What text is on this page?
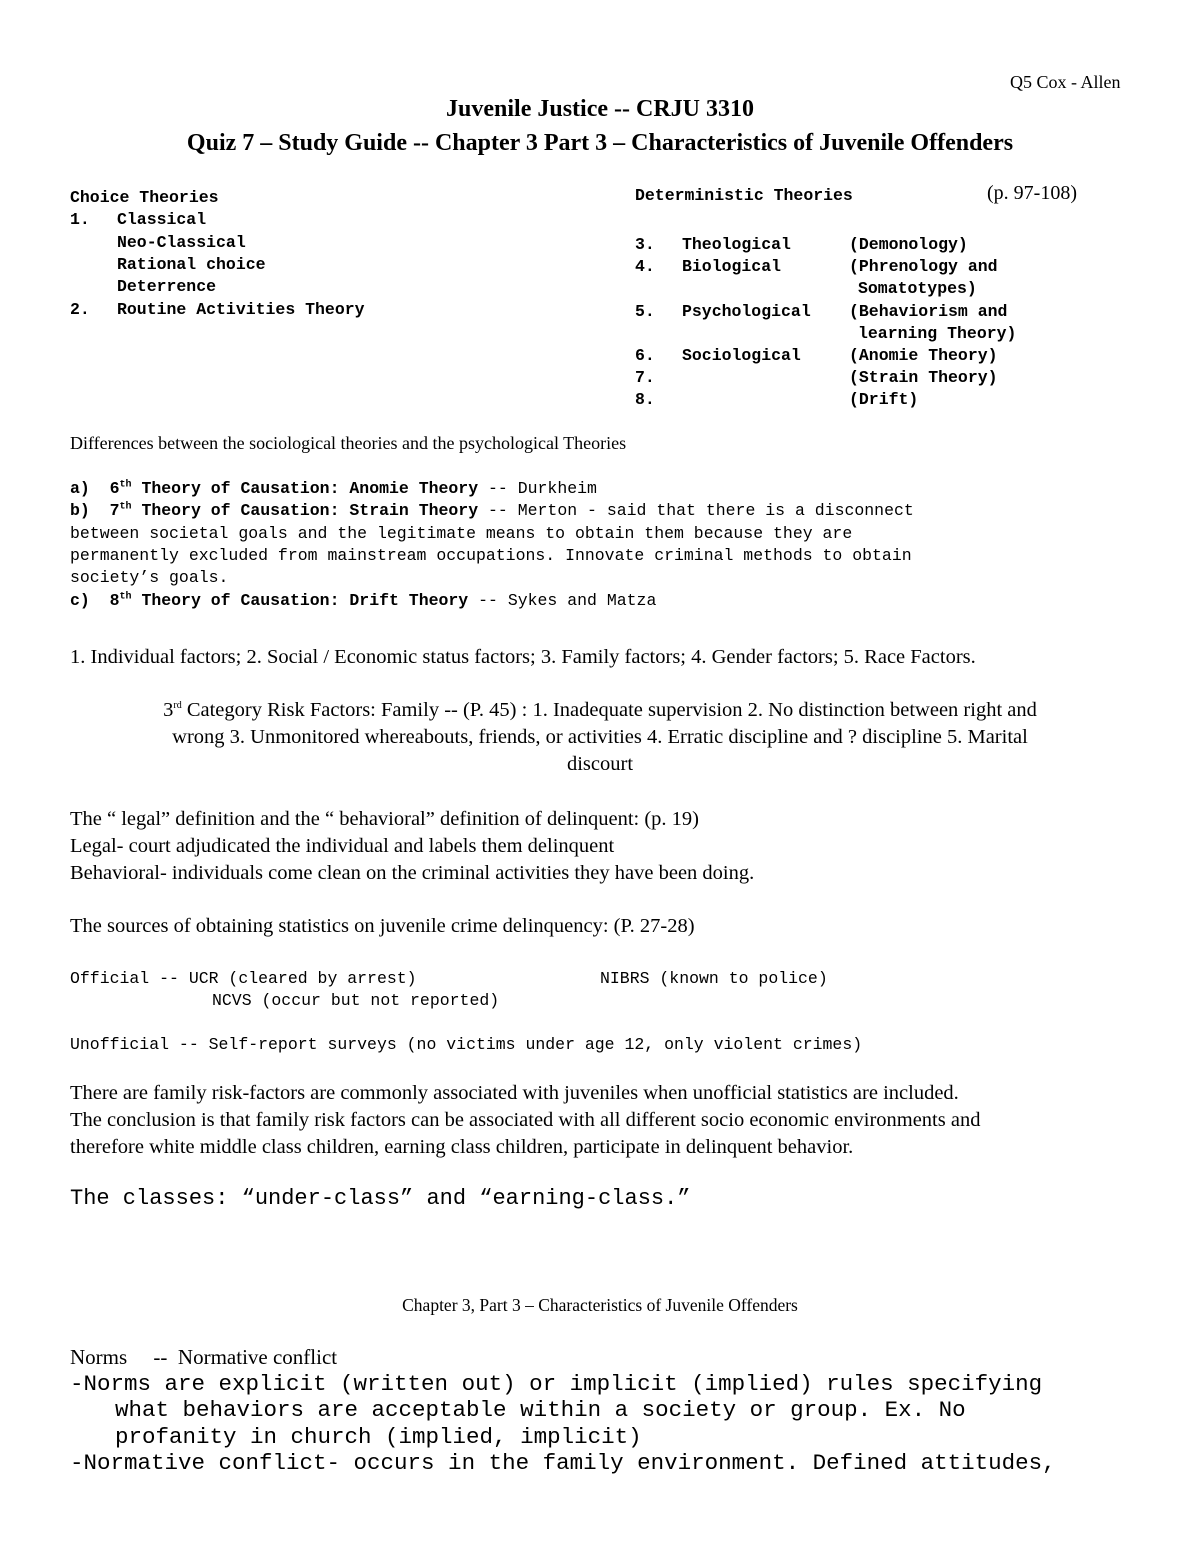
Q5 Cox - Allen
Juvenile Justice -- CRJU 3310
Quiz 7 – Study Guide -- Chapter 3 Part 3 – Characteristics of Juvenile Offenders
Choice Theories
1. Classical
Neo-Classical
Rational choice
Deterrence
2. Routine Activities Theory
Deterministic Theories	(p. 97-108)
3. Theological	(Demonology)
4. Biological	(Phrenology and
Somatotypes)
5. Psychological (Behaviorism and
learning Theory)
6. Sociological	(Anomie Theory)
7.	(Strain Theory)
8.	(Drift)
Differences between the sociological theories and the psychological Theories
a) 6th Theory of Causation: Anomie Theory -- Durkheim
b) 7th Theory of Causation: Strain Theory -- Merton - said that there is a disconnect
between societal goals and the legitimate means to obtain them because they are
permanently excluded from mainstream occupations. Innovate criminal methods to obtain
society’s goals.
c) 8th Theory of Causation: Drift Theory -- Sykes and Matza
1. Individual factors; 2. Social / Economic status factors; 3. Family factors; 4. Gender factors; 5. Race Factors.
3rd Category Risk Factors: Family -- (P. 45) : 1. Inadequate supervision 2. No distinction between right and
wrong 3. Unmonitored whereabouts, friends, or activities 4. Erratic discipline and ? discipline 5. Marital
discourt
The “ legal” definition and the “ behavioral” definition of delinquent: (p. 19)
Legal- court adjudicated the individual and labels them delinquent
Behavioral- individuals come clean on the criminal activities they have been doing.
The sources of obtaining statistics on juvenile crime delinquency: (P. 27-28)
Official -- UCR (cleared by arrest)	NIBRS (known to police)
NCVS (occur but not reported)
Unofficial -- Self-report surveys (no victims under age 12, only violent crimes)
There are family risk-factors are commonly associated with juveniles when unofficial statistics are included.
The conclusion is that family risk factors can be associated with all different socio economic environments and
therefore white middle class children, earning class children, participate in delinquent behavior.
The classes: “under-class” and “earning-class.”
Chapter 3, Part 3 – Characteristics of Juvenile Offenders
Norms -- Normative conflict
-Norms are explicit (written out) or implicit (implied) rules specifying
what behaviors are acceptable within a society or group. Ex. No
profanity in church (implied, implicit)
-Normative conflict- occurs in the family environment. Defined attitudes,
